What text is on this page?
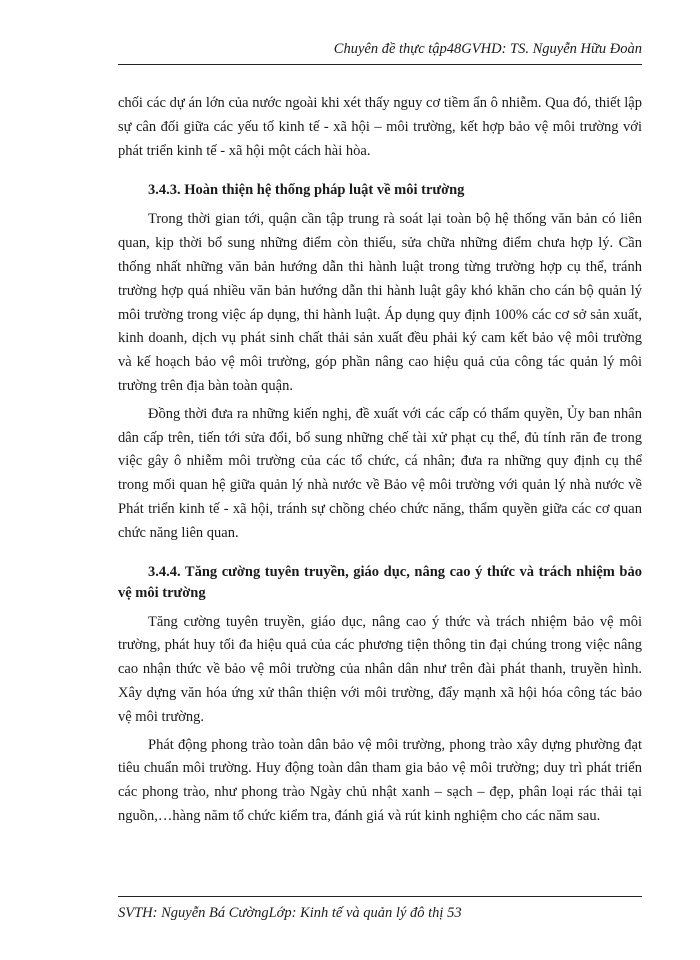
Chuyên đề thực tập48GVHD: TS. Nguyễn Hữu Đoàn

chối các dự án lớn của nước ngoài khi xét thấy nguy cơ tiềm ẩn ô nhiễm. Qua đó, thiết lập sự cân đối giữa các yếu tố kinh tế - xã hội – môi trường, kết hợp bảo vệ môi trường với phát triển kinh tế - xã hội một cách hài hòa.

3.4.3. Hoàn thiện hệ thống pháp luật về môi trường

Trong thời gian tới, quận cần tập trung rà soát lại toàn bộ hệ thống văn bản có liên quan, kịp thời bổ sung những điểm còn thiếu, sửa chữa những điểm chưa hợp lý. Cần thống nhất những văn bản hướng dẫn thi hành luật trong từng trường hợp cụ thể, tránh trường hợp quá nhiều văn bản hướng dẫn thi hành luật gây khó khăn cho cán bộ quản lý môi trường trong việc áp dụng, thi hành luật. Áp dụng quy định 100% các cơ sở sản xuất, kinh doanh, dịch vụ phát sinh chất thải sản xuất đều phải ký cam kết bảo vệ môi trường và kế hoạch bảo vệ môi trường, góp phần nâng cao hiệu quả của công tác quản lý môi trường trên địa bàn toàn quận.

Đồng thời đưa ra những kiến nghị, đề xuất với các cấp có thẩm quyền, Ủy ban nhân dân cấp trên, tiến tới sửa đổi, bổ sung những chế tài xử phạt cụ thể, đủ tính răn đe trong việc gây ô nhiễm môi trường của các tổ chức, cá nhân; đưa ra những quy định cụ thể trong mối quan hệ giữa quản lý nhà nước về Bảo vệ môi trường với quản lý nhà nước về Phát triển kinh tế - xã hội, tránh sự chồng chéo chức năng, thẩm quyền giữa các cơ quan chức năng liên quan.

3.4.4. Tăng cường tuyên truyền, giáo dục, nâng cao ý thức và trách nhiệm bảo vệ môi trường

Tăng cường tuyên truyền, giáo dục, nâng cao ý thức và trách nhiệm bảo vệ môi trường, phát huy tối đa hiệu quả của các phương tiện thông tin đại chúng trong việc nâng cao nhận thức về bảo vệ môi trường của nhân dân như trên đài phát thanh, truyền hình. Xây dựng văn hóa ứng xử thân thiện với môi trường, đẩy mạnh xã hội hóa công tác bảo vệ môi trường.

Phát động phong trào toàn dân bảo vệ môi trường, phong trào xây dựng phường đạt tiêu chuẩn môi trường. Huy động toàn dân tham gia bảo vệ môi trường; duy trì phát triển các phong trào, như phong trào Ngày chủ nhật xanh – sạch – đẹp, phân loại rác thải tại nguồn,…hàng năm tổ chức kiểm tra, đánh giá và rút kinh nghiệm cho các năm sau.

SVTH: Nguyễn Bá CườngLớp: Kinh tế và quản lý đô thị 53
